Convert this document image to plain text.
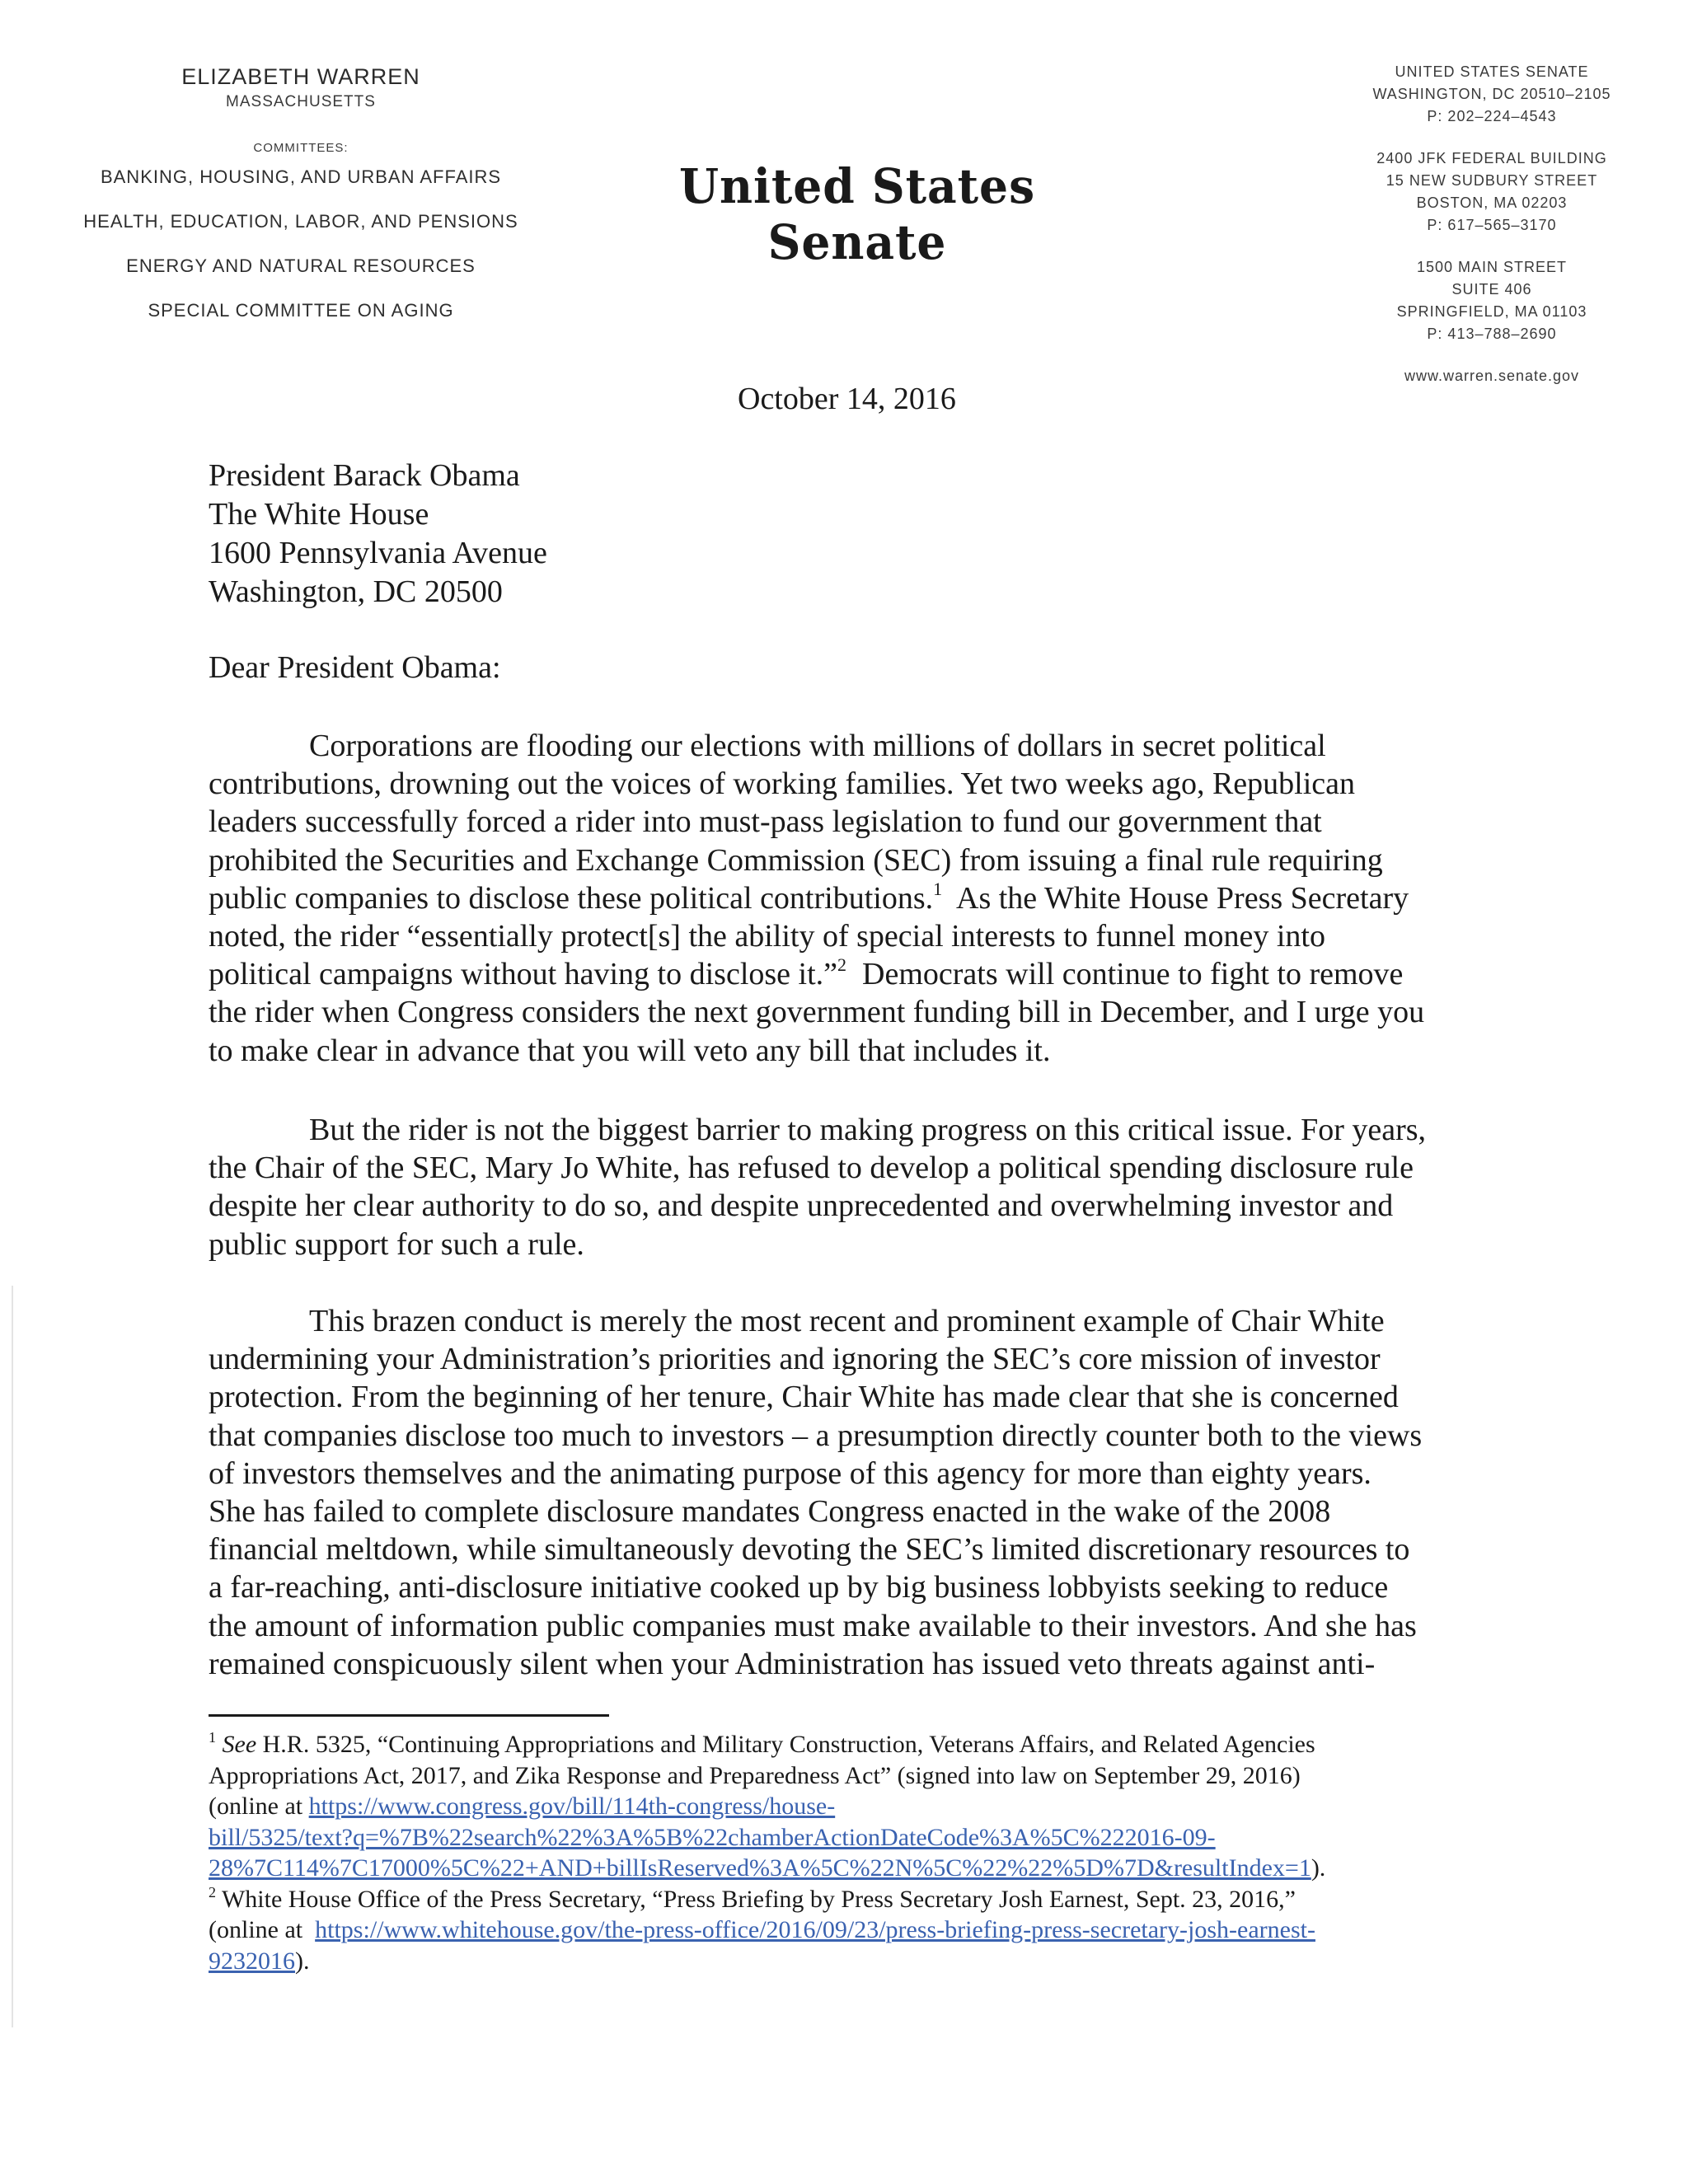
ELIZABETH WARREN
MASSACHUSETTS
COMMITTEES:
BANKING, HOUSING, AND URBAN AFFAIRS
HEALTH, EDUCATION, LABOR, AND PENSIONS
ENERGY AND NATURAL RESOURCES
SPECIAL COMMITTEE ON AGING
United States Senate
UNITED STATES SENATE
WASHINGTON, DC 20510–2105
P: 202–224–4543
2400 JFK FEDERAL BUILDING
15 NEW SUDBURY STREET
BOSTON, MA 02203
P: 617–565–3170
1500 MAIN STREET
SUITE 406
SPRINGFIELD, MA 01103
P: 413–788–2690
www.warren.senate.gov
October 14, 2016
President Barack Obama
The White House
1600 Pennsylvania Avenue
Washington, DC 20500
Dear President Obama:
Corporations are flooding our elections with millions of dollars in secret political
contributions, drowning out the voices of working families. Yet two weeks ago, Republican
leaders successfully forced a rider into must-pass legislation to fund our government that
prohibited the Securities and Exchange Commission (SEC) from issuing a final rule requiring
public companies to disclose these political contributions.$^1$  As the White House Press Secretary
noted, the rider “essentially protect[s] the ability of special interests to funnel money into
political campaigns without having to disclose it.”$^2$  Democrats will continue to fight to remove
the rider when Congress considers the next government funding bill in December, and I urge you
to make clear in advance that you will veto any bill that includes it.
But the rider is not the biggest barrier to making progress on this critical issue. For years,
the Chair of the SEC, Mary Jo White, has refused to develop a political spending disclosure rule
despite her clear authority to do so, and despite unprecedented and overwhelming investor and
public support for such a rule.
This brazen conduct is merely the most recent and prominent example of Chair White
undermining your Administration’s priorities and ignoring the SEC’s core mission of investor
protection. From the beginning of her tenure, Chair White has made clear that she is concerned
that companies disclose too much to investors – a presumption directly counter both to the views
of investors themselves and the animating purpose of this agency for more than eighty years.
She has failed to complete disclosure mandates Congress enacted in the wake of the 2008
financial meltdown, while simultaneously devoting the SEC’s limited discretionary resources to
a far-reaching, anti-disclosure initiative cooked up by big business lobbyists seeking to reduce
the amount of information public companies must make available to their investors. And she has
remained conspicuously silent when your Administration has issued veto threats against anti-
$^1$ See H.R. 5325, “Continuing Appropriations and Military Construction, Veterans Affairs, and Related Agencies
Appropriations Act, 2017, and Zika Response and Preparedness Act” (signed into law on September 29, 2016)
(online at https://www.congress.gov/bill/114th-congress/house-
bill/5325/text?q=%7B%22search%22%3A%5B%22chamberActionDateCode%3A%5C%222016-09-
28%7C114%7C17000%5C%22+AND+billIsReserved%3A%5C%22N%5C%22%22%5D%7D&resultIndex=1).
$^2$ White House Office of the Press Secretary, “Press Briefing by Press Secretary Josh Earnest, Sept. 23, 2016,”
(online at  https://www.whitehouse.gov/the-press-office/2016/09/23/press-briefing-press-secretary-josh-earnest-
9232016).
